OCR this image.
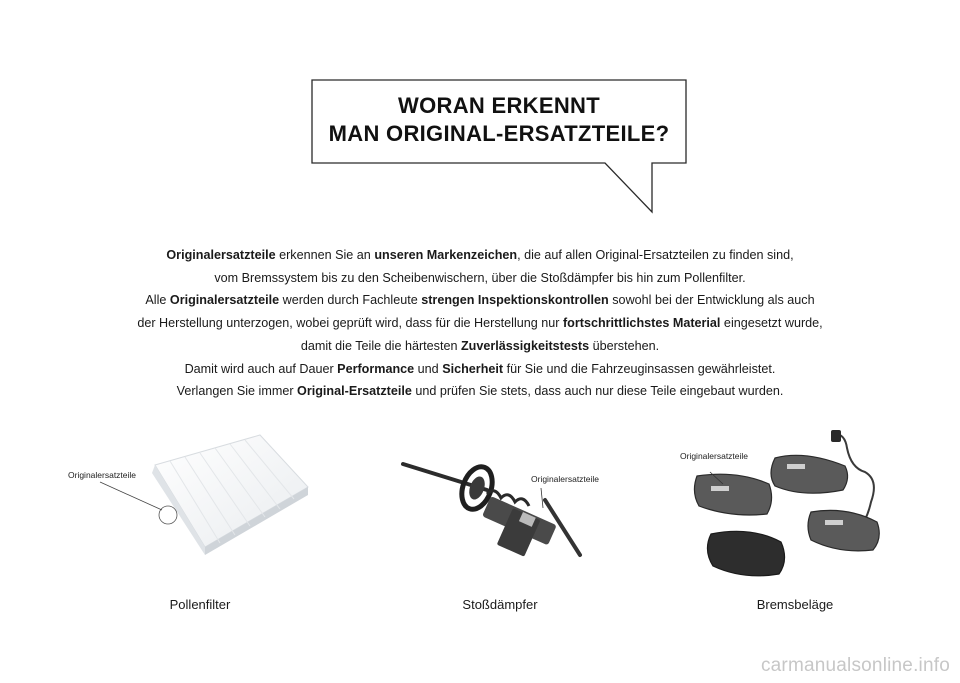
WORAN ERKENNT
MAN ORIGINAL-ERSATZTEILE?

Originalersatzteile erkennen Sie an unseren Markenzeichen, die auf allen Original-Ersatzteilen zu finden sind,

vom Bremssystem bis zu den Scheibenwischern, über die Stoßdämpfer bis hin zum Pollenfilter.

Alle Originalersatzteile werden durch Fachleute strengen Inspektionskontrollen sowohl bei der Entwicklung als auch

der Herstellung unterzogen, wobei geprüft wird, dass für die Herstellung nur fortschrittlichstes Material eingesetzt wurde,

damit die Teile die härtesten Zuverlässigkeitstests überstehen.

Damit wird auch auf Dauer Performance und Sicherheit für Sie und die Fahrzeuginsassen gewährleistet.

Verlangen Sie immer Original-Ersatzteile und prüfen Sie stets, dass auch nur diese Teile eingebaut wurden.

Originalersatzteile
Pollenfilter
Originalersatzteile
Stoßdämpfer
Originalersatzteile
Bremsbeläge
carmanualsonline.info
